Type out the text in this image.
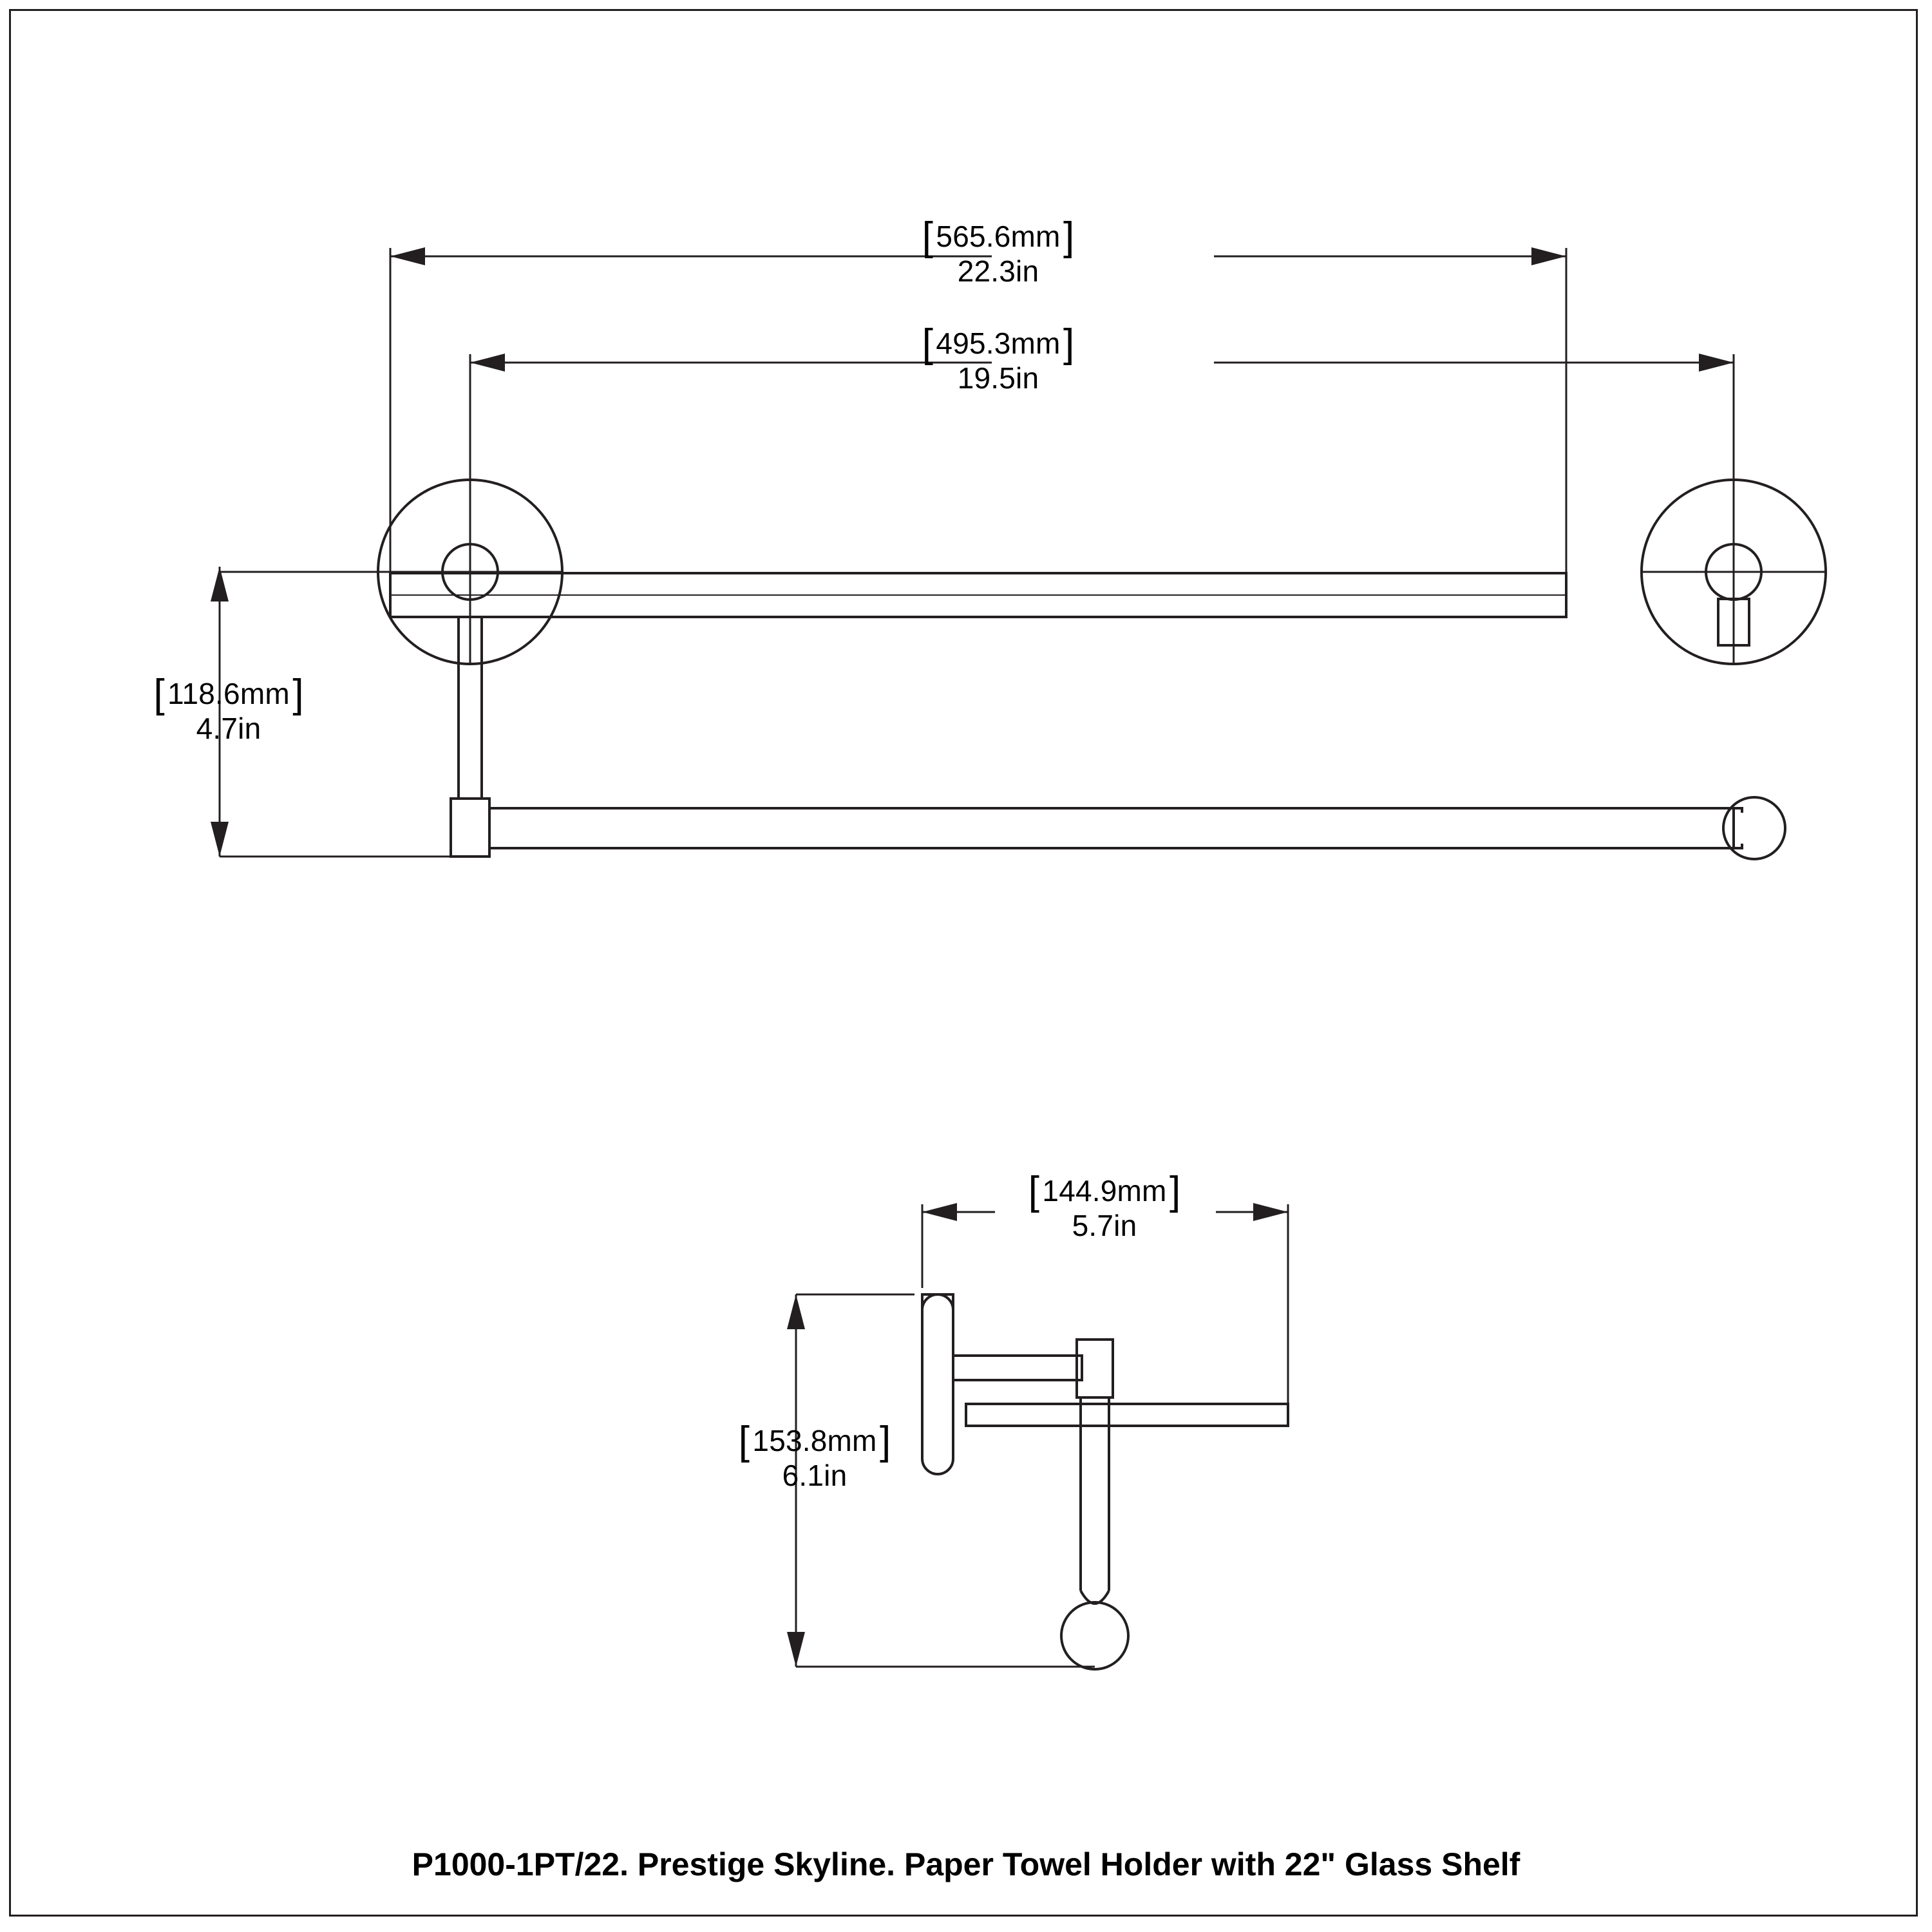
[ 565.6mm ]
22.3in
[ 495.3mm ]
19.5in
[ 118.6mm ]
4.7in
[ 144.9mm ]
5.7in
[ 153.8mm ]
6.1in
P1000-1PT/22. Prestige Skyline. Paper Towel Holder with 22" Glass Shelf
